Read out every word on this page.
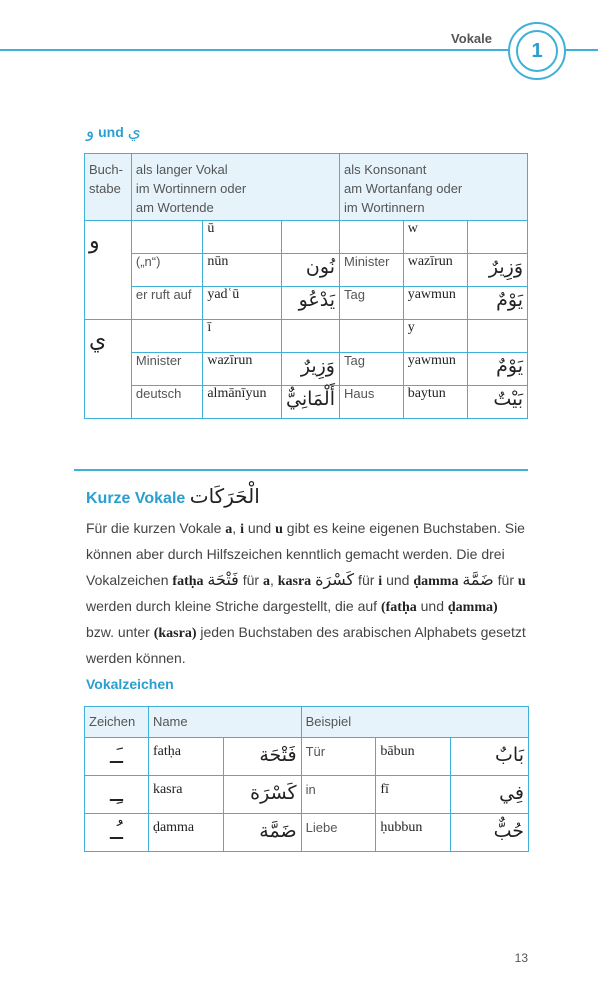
Vokale
1
و und ي
Buch-
stabe	als langer Vokal
im Wortinnern oder
am Wortende			als Konsonant
am Wortanfang oder
im Wortinnern		
و		ū			w	
	(„n“)	nūn	نُون	Minister	wazīrun	وَزِيرٌ
	er ruft auf	yadʿū	يَدْعُو	Tag	yawmun	يَوْمٌ
ي		ī			y	
	Minister	wazīrun	وَزِيرٌ	Tag	yawmun	يَوْمٌ
	deutsch	almānīyun	أَلْمَانِيٌّ	Haus	baytun	بَيْتٌ
Kurze Vokale الْحَرَكَات
Für die kurzen Vokale a, i und u gibt es keine eigenen Buchstaben. Sie können aber durch Hilfszeichen kenntlich gemacht werden. Die drei Vokalzeichen fatḥa فَتْحَة für a, kasra كَسْرَة für i und ḍamma ضَمَّة für u werden durch kleine Striche dargestellt, die auf (fatḥa und ḍamma) bzw. unter (kasra) jeden Buchstaben des arabischen Alphabets gesetzt werden können.
Vokalzeichen
Zeichen	Name		Beispiel		
ـَـ	fatḥa	فَتْحَة	Tür	bābun	بَابٌ
ـِـ	kasra	كَسْرَة	in	fī	فِي
ـُـ	ḍamma	ضَمَّة	Liebe	ḥubbun	حُبٌّ
13
